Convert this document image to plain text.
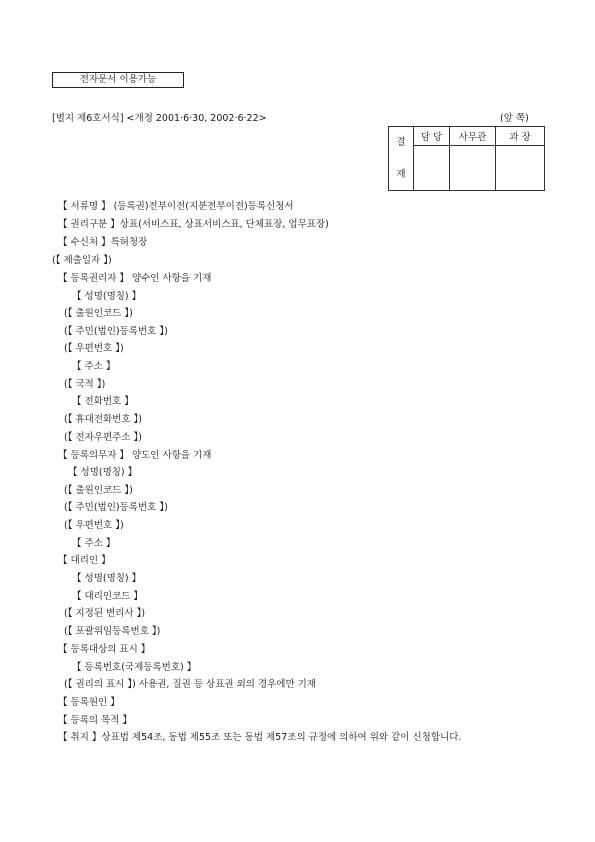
전자문서 이용가능
[별지 제6호서식] <개정 2001·6·30, 2002·6·22>	(앞 쪽)
결
재	담 당	사무관	과 장

【 서류명 】 (등록권)전부이전(지분전부이전)등록신청서
【 권리구분 】상표(서비스표, 상표서비스표, 단체표장, 업무표장)
【 수신처 】특허청장
(【 제출일자 】)
【 등록권리자 】 양수인 사항을 기재
【 성명(명칭) 】
(【 출원인코드 】)
(【 주민(법인)등록번호 】)
(【 우편번호 】)
【 주소 】
(【 국적 】)
【 전화번호 】
(【 휴대전화번호 】)
(【 전자우편주소 】)
【 등록의무자 】 양도인 사항을 기재
【 성명(명칭) 】
(【 출원인코드 】)
(【 주민(법인)등록번호 】)
(【 우편번호 】)
【 주소 】
【 대리인 】
【 성명(명칭) 】
【 대리인코드 】
(【 지정된 변리사 】)
(【 포괄위임등록번호 】)
【 등록대상의 표시 】
【 등록번호(국제등록번호) 】
(【 권리의 표시 】) 사용권, 질권 등 상표권 외의 경우에만 기재
【 등록원인 】
【 등록의 목적 】
【 취지 】상표법 제54조, 동법 제55조 또는 동법 제57조의 규정에 의하여 위와 같이 신청합니다.
